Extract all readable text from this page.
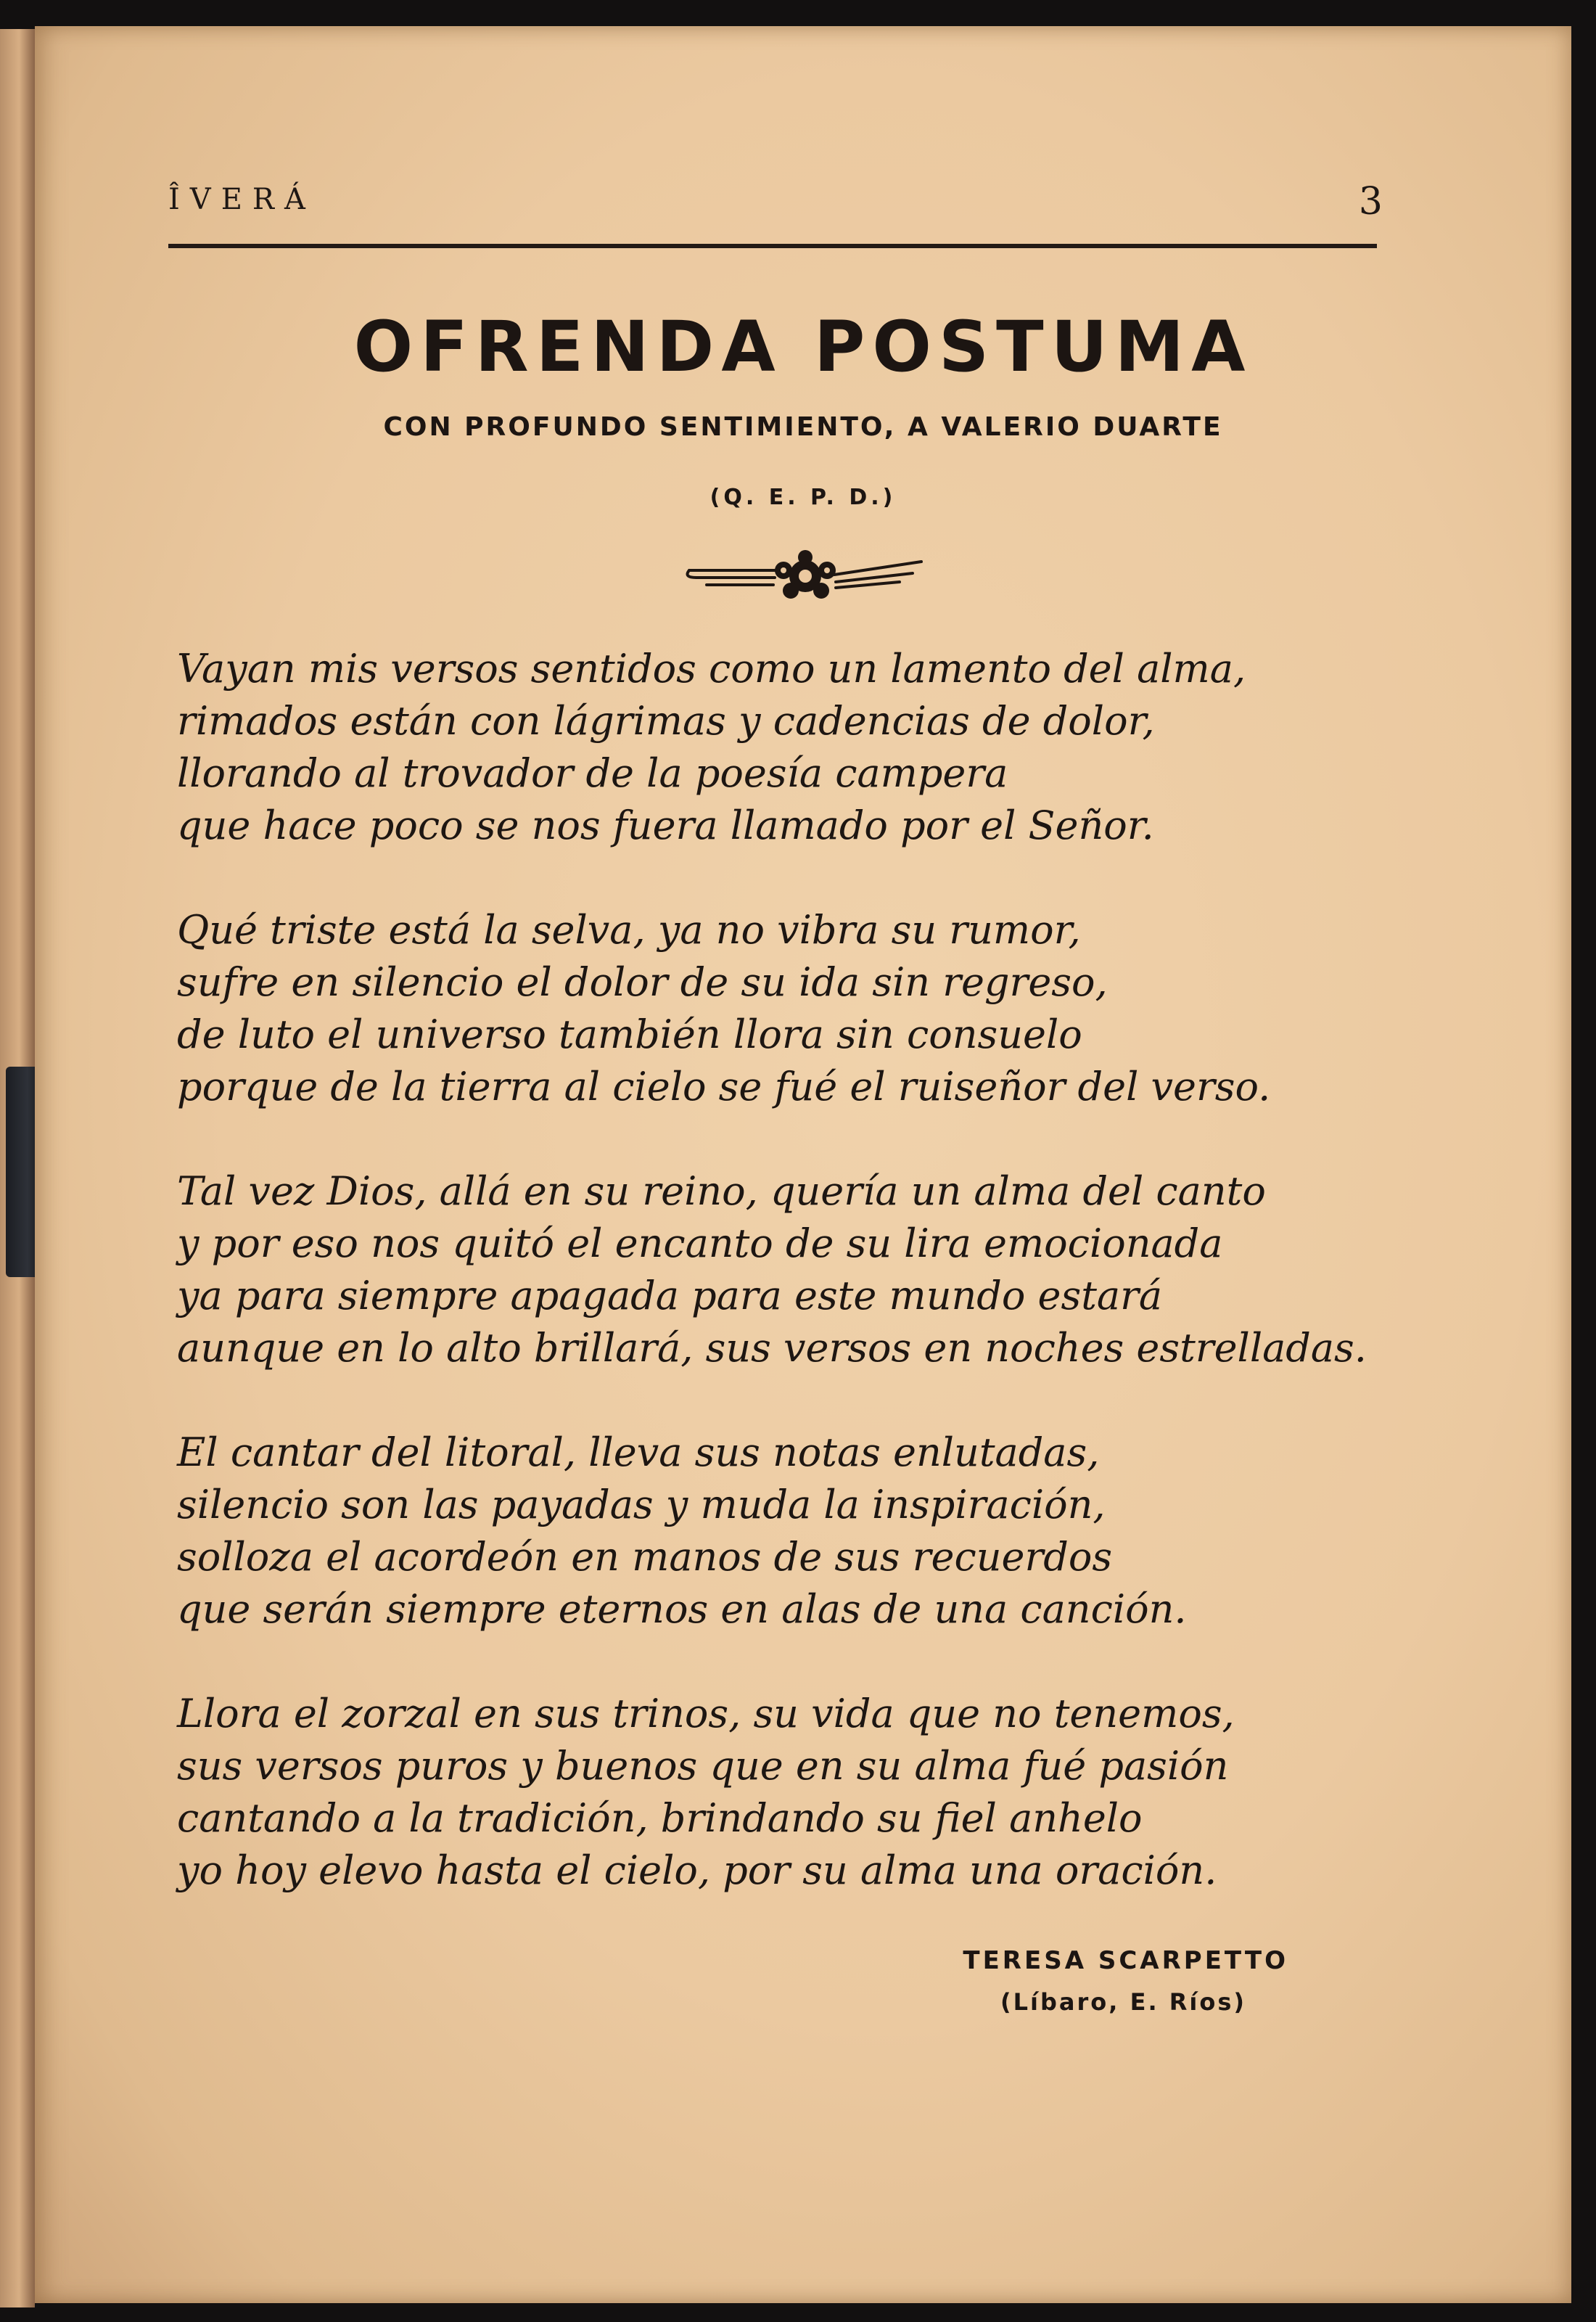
ÎVERÁ	3
OFRENDA POSTUMA
CON PROFUNDO SENTIMIENTO, A VALERIO DUARTE
(Q. E. P. D.)
Vayan mis versos sentidos como un lamento del alma,
rimados están con lágrimas y cadencias de dolor,
llorando al trovador de la poesía campera
que hace poco se nos fuera llamado por el Señor.
Qué triste está la selva, ya no vibra su rumor,
sufre en silencio el dolor de su ida sin regreso,
de luto el universo también llora sin consuelo
porque de la tierra al cielo se fué el ruiseñor del verso.
Tal vez Dios, allá en su reino, quería un alma del canto
y por eso nos quitó el encanto de su lira emocionada
ya para siempre apagada para este mundo estará
aunque en lo alto brillará, sus versos en noches estrelladas.
El cantar del litoral, lleva sus notas enlutadas,
silencio son las payadas y muda la inspiración,
solloza el acordeón en manos de sus recuerdos
que serán siempre eternos en alas de una canción.
Llora el zorzal en sus trinos, su vida que no tenemos,
sus versos puros y buenos que en su alma fué pasión
cantando a la tradición, brindando su fiel anhelo
yo hoy elevo hasta el cielo, por su alma una oración.
TERESA SCARPETTO
(Líbaro, E. Ríos)
